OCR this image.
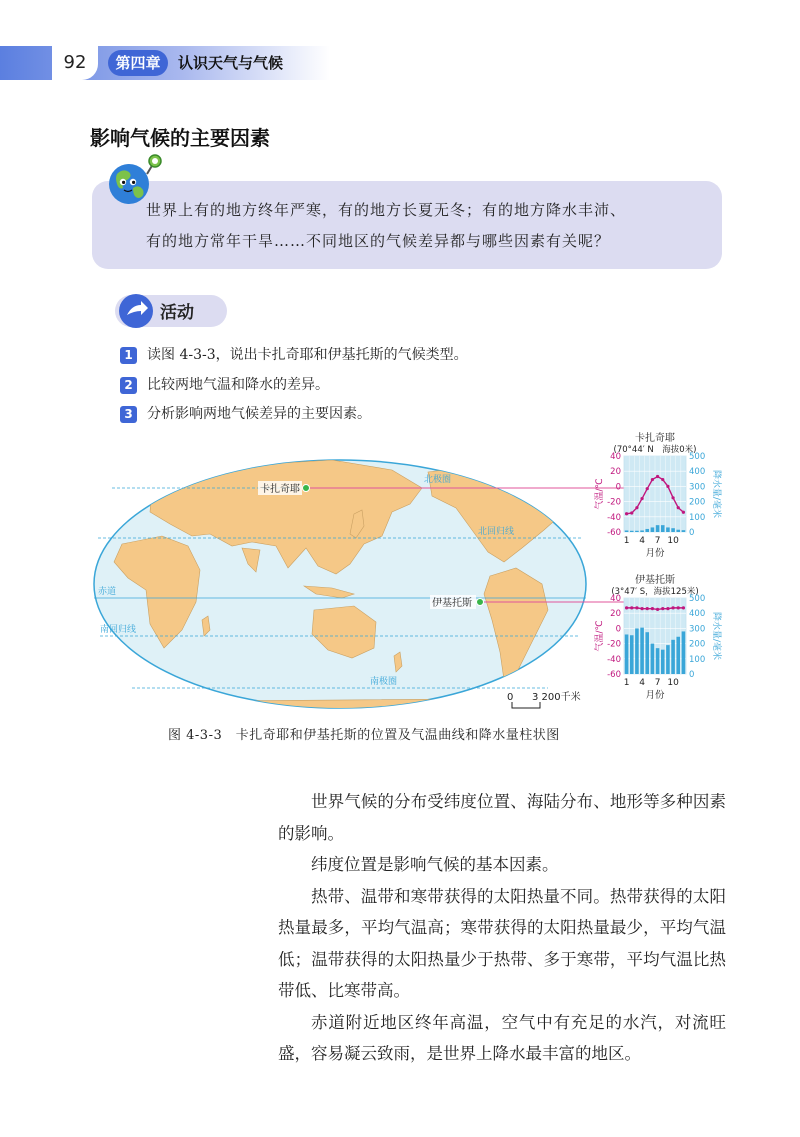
92	第四章	认识天气与气候
影响气候的主要因素
世界上有的地方终年严寒，有的地方长夏无冬；有的地方降水丰沛、
有的地方常年干旱……不同地区的气候差异都与哪些因素有关呢？
活动
1 读图 4-3-3，说出卡扎奇耶和伊基托斯的气候类型。
2 比较两地气温和降水的差异。
3 分析影响两地气候差异的主要因素。
北极圈
北回归线
赤道
南回归线
南极圈
卡扎奇耶
伊基托斯
0 3 200千米
卡扎奇耶
(70°44′ N　海拔0米)
40	500
20	400
0	300
-20	200
-40	100
-60	0
气温/℃	降水量/毫米
1 4 7 10
月份
伊基托斯
(3°47′ S，海拔125米)
40	500
20	400
0	300
-20	200
-40	100
-60	0
气温/℃	降水量/毫米
1 4 7 10
月份
图 4-3-3　卡扎奇耶和伊基托斯的位置及气温曲线和降水量柱状图

世界气候的分布受纬度位置、海陆分布、地形等多种因素的影响。

纬度位置是影响气候的基本因素。

热带、温带和寒带获得的太阳热量不同。热带获得的太阳热量最多，平均气温高；寒带获得的太阳热量最少，平均气温低；温带获得的太阳热量少于热带、多于寒带，平均气温比热带低、比寒带高。

赤道附近地区终年高温，空气中有充足的水汽，对流旺盛，容易凝云致雨，是世界上降水最丰富的地区。
